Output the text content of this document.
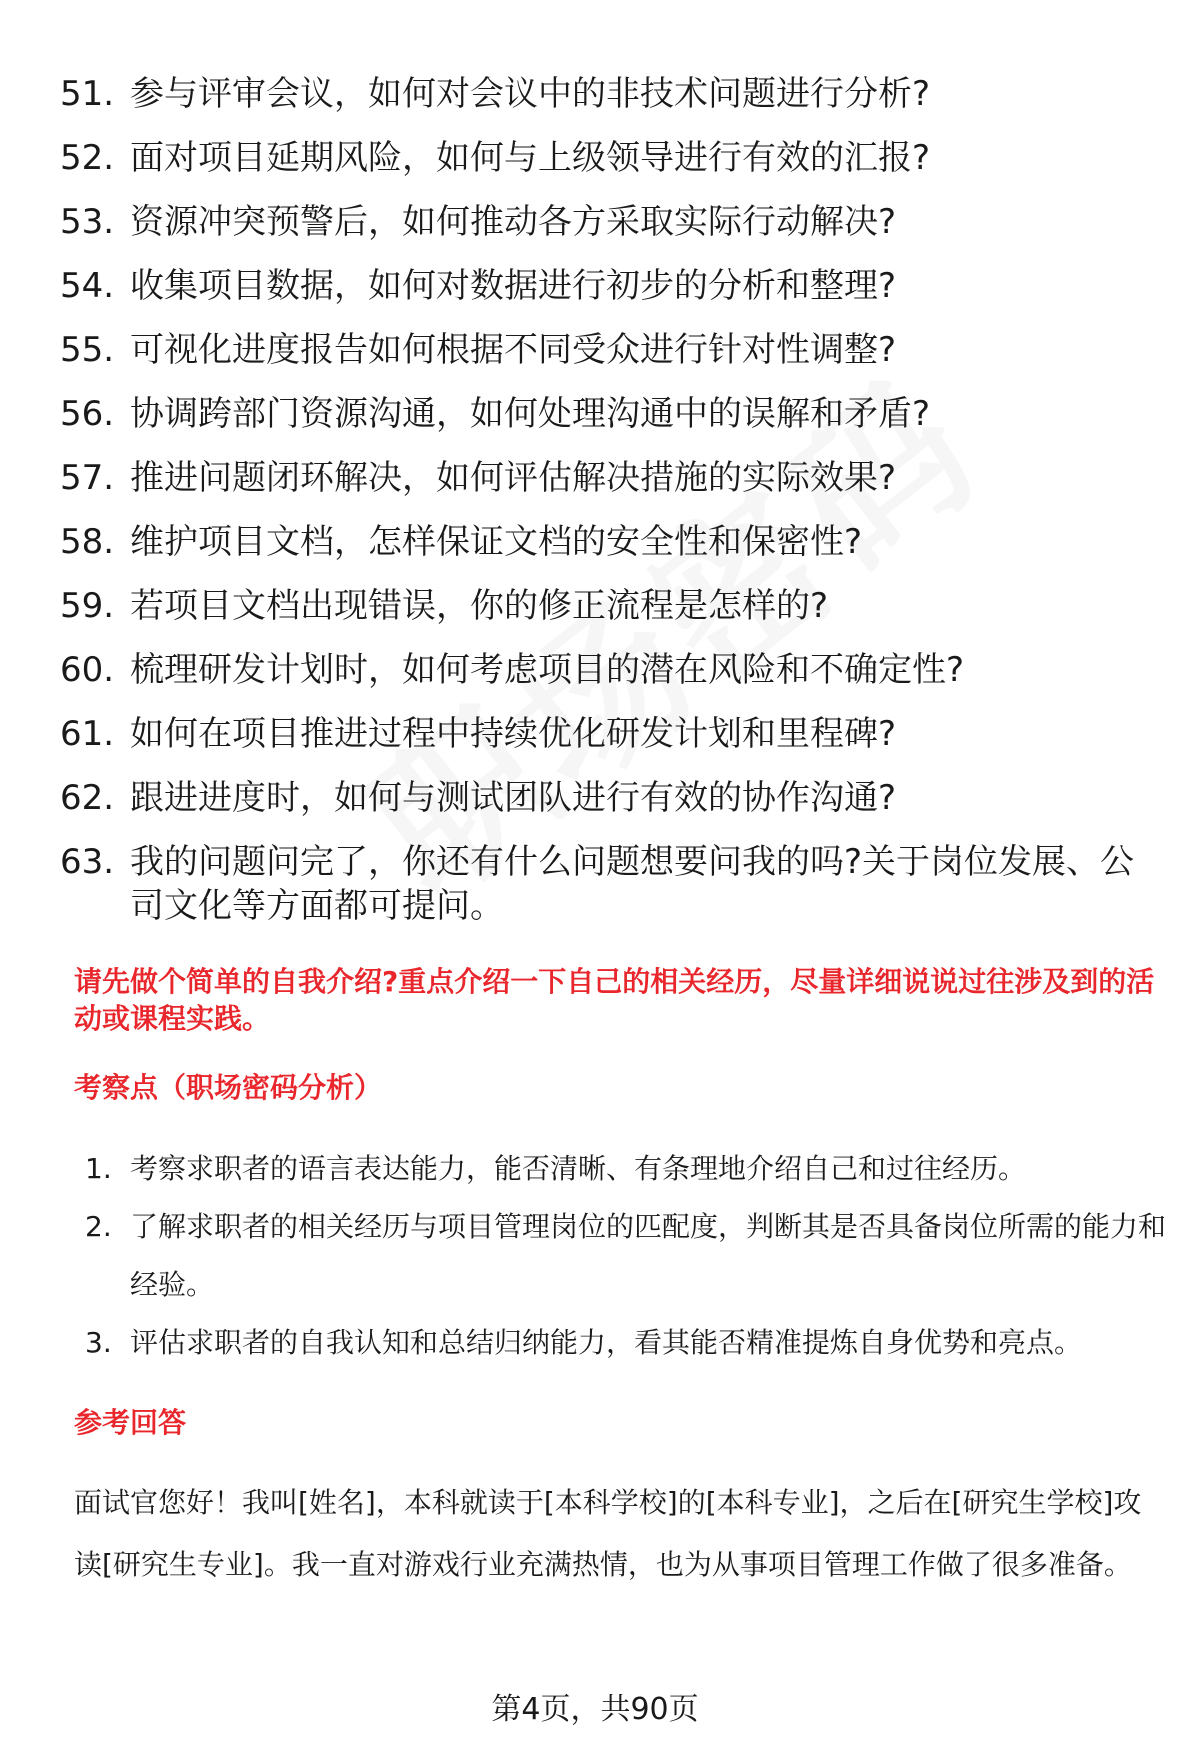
51. 参与评审会议，如何对会议中的非技术问题进行分析?
52. 面对项目延期风险，如何与上级领导进行有效的汇报?
53. 资源冲突预警后，如何推动各方采取实际行动解决?
54. 收集项目数据，如何对数据进行初步的分析和整理?
55. 可视化进度报告如何根据不同受众进行针对性调整?
56. 协调跨部门资源沟通，如何处理沟通中的误解和矛盾?
57. 推进问题闭环解决，如何评估解决措施的实际效果?
58. 维护项目文档，怎样保证文档的安全性和保密性?
59. 若项目文档出现错误，你的修正流程是怎样的?
60. 梳理研发计划时，如何考虑项目的潜在风险和不确定性?
61. 如何在项目推进过程中持续优化研发计划和里程碑?
62. 跟进进度时，如何与测试团队进行有效的协作沟通?
63. 我的问题问完了，你还有什么问题想要问我的吗?关于岗位发展、公司文化等方面都可提问。

请先做个简单的自我介绍?重点介绍一下自己的相关经历，尽量详细说说过往涉及到的活动或课程实践。

考察点（职场密码分析）
1. 考察求职者的语言表达能力，能否清晰、有条理地介绍自己和过往经历。
2. 了解求职者的相关经历与项目管理岗位的匹配度，判断其是否具备岗位所需的能力和经验。
3. 评估求职者的自我认知和总结归纳能力，看其能否精准提炼自身优势和亮点。
参考回答

面试官您好！我叫[姓名]，本科就读于[本科学校]的[本科专业]，之后在[研究生学校]攻读[研究生专业]。我一直对游戏行业充满热情，也为从事项目管理工作做了很多准备。

第4页，共90页
